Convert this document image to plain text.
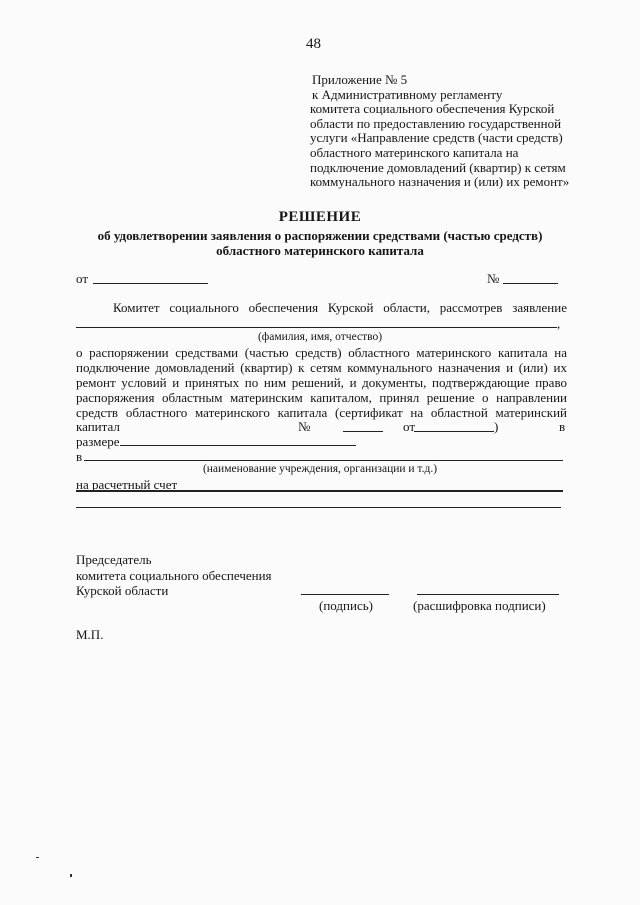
48
Приложение № 5
к Административному регламенту
комитета социального обеспечения Курской
области по предоставлению государственной
услуги «Направление средств (части средств)
областного материнского капитала на
подключение домовладений (квартир) к сетям
коммунального назначения и (или) их ремонт»
РЕШЕНИЕ
об удовлетворении заявления о распоряжении средствами (частью средств)
областного материнского капитала
от	№
Комитет социального обеспечения Курской области, рассмотрев заявление
,
(фамилия, имя, отчество)
о распоряжении средствами (частью средств) областного материнского капитала на
подключение домовладений (квартир) к сетям коммунального назначения и (или) их
ремонт условий и принятых по ним решений, и документы, подтверждающие право
распоряжения областным материнским капиталом, принял решение о направлении
средств областного материнского капитала (сертификат на областной материнский
капитал	№	от	)	в
размере
в
(наименование учреждения, организации и т.д.)
на расчетный счет
Председатель
комитета социального обеспечения
Курской области
(подпись)	(расшифровка подписи)
М.П.
